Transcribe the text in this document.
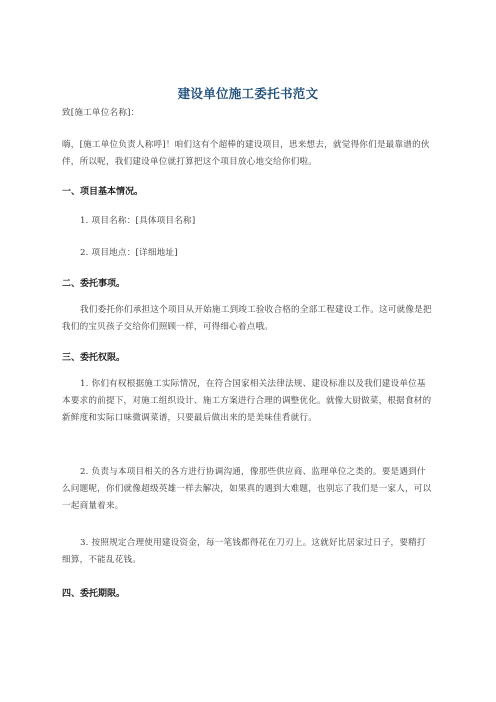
建设单位施工委托书范文
致[施工单位名称]：
嗨，[施工单位负责人称呼]！咱们这有个超棒的建设项目，思来想去，就觉得你们是最靠谱的伙伴，所以呢，我们建设单位就打算把这个项目放心地交给你们啦。
一、项目基本情况。
1. 项目名称：[具体项目名称]
2. 项目地点：[详细地址]
二、委托事项。
我们委托你们承担这个项目从开始施工到竣工验收合格的全部工程建设工作。这可就像是把我们的宝贝孩子交给你们照顾一样，可得细心着点哦。
三、委托权限。
1. 你们有权根据施工实际情况，在符合国家相关法律法规、建设标准以及我们建设单位基本要求的前提下，对施工组织设计、施工方案进行合理的调整优化。就像大厨做菜，根据食材的新鲜度和实际口味微调菜谱，只要最后做出来的是美味佳肴就行。
2. 负责与本项目相关的各方进行协调沟通，像那些供应商、监理单位之类的。要是遇到什么问题呢，你们就像超级英雄一样去解决，如果真的遇到大难题，也别忘了我们是一家人，可以一起商量着来。
3. 按照规定合理使用建设资金，每一笔钱都得花在刀刃上。这就好比居家过日子，要精打细算，不能乱花钱。
四、委托期限。
